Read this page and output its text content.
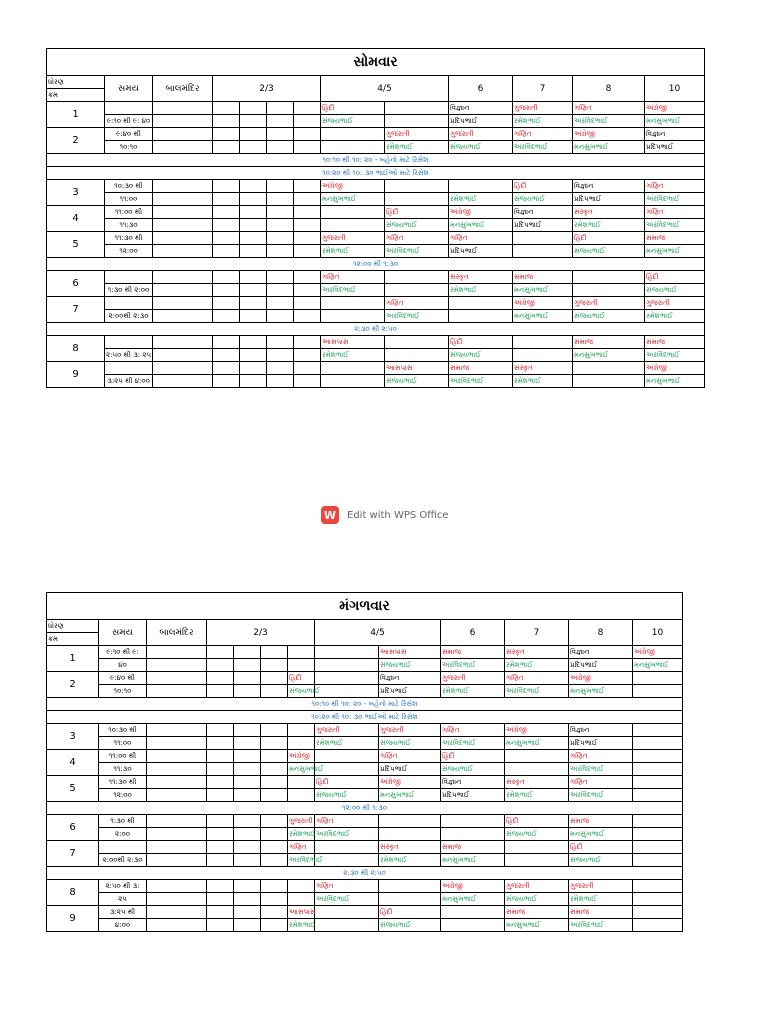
સોમવાર												
ધોરણ	સમય	બાલમંદિર	2/3				4/5		6	7	8	10
ક્રમ												
1							હિંદી		વિજ્ઞાન	ગુજરાતી	ગણિત	અંગ્રેજી
	૯:૧૦ થી ૯: ૪૦						સંજયભાઈ		પ્રદિપભાઈ	રમેશભાઈ	અરવિંદભાઈ	મનસુખભાઈ
2	૯:૪૦ થી							ગુજરાતી	ગુજરાતી	ગણિત	અંગ્રેજી	વિજ્ઞાન
	૧૦:૧૦							રમેશભાઈ	સંજયભાઈ	અરવિંદભાઈ	મનસુખભાઈ	પ્રદિપભાઈ
૧૦:૧૦ થી ૧૦: ૨૦ - બહેનો માટે રિસેશ												
૧૦:૨૦ થી ૧૦: ૩૦ ભાઈઓ માટે રિસેશ												
3	૧૦:૩૦ થી						અંગ્રેજી			હિંદી	વિજ્ઞાન	ગણિત
	૧૧:૦૦						મનસુખભાઈ		રમેશભાઈ	સંજયભાઈ	પ્રદિપભાઈ	અરવિંદભાઈ
4	૧૧:૦૦ થી							હિંદી	અંગ્રેજી	વિજ્ઞાન	સંસ્કૃત	ગણિત
	૧૧:૩૦							સંજયભાઈ	મનસુખભાઈ	પ્રદિપભાઈ	રમેશભાઈ	અરવિંદભાઈ
5	૧૧:૩૦ થી						ગુજરાતી	ગણિત	ગણિત		હિંદી	સમાજ
	૧૨:૦૦						રમેશભાઈ	અરવિંદભાઈ	પ્રદિપભાઈ		સંજયભાઈ	મનસુખભાઈ
૧૨:૦૦ થી ૧:૩૦												
6							ગણિત		સંસ્કૃત	સમાજ		હિંદી
	૧:૩૦ થી ૨:૦૦						અરવિંદભાઈ		રમેશભાઈ	મનસુખભાઈ		સંજયભાઈ
7								ગણિત		અંગ્રેજી	ગુજરાતી	ગુજરાતી
	૨:૦૦થી ૨:૩૦							અરવિંદભાઈ		મનસુખભાઈ	સંજયભાઈ	રમેશભાઈ
૨:૩૦ થી ૨:૫૦												
8							આસપાસ		હિંદી		સમાજ	સમાજ
	૨:૫૦ થી ૩: ૨૫						રમેશભાઈ		સંજયભાઈ		મનસુખભાઈ	અરવિંદભાઈ
9								આસપાસ	સમાજ	સંસ્કૃત		અંગ્રેજી
	૩:૨૫ થી ૪:૦૦							સંજયભાઈ	અરવિંદભાઈ	રમેશભાઈ		મનસુખભાઈ
મંગળવાર												
ધોરણ	સમય	બાલમંદિર	2/3				4/5		6	7	8	10
ક્રમ												
1	૯:૧૦ થી ૯:							આસપાસ	સમાજ	સંસ્કૃત	વિજ્ઞાન	અંગ્રેજી
	૪૦							સંજયભાઈ	અરવિંદભાઈ	રમેશભાઈ	પ્રદિપભાઈ	મનસુખભાઈ
2	૯:૪૦ થી					હિંદી		વિજ્ઞાન	ગુજરાતી	ગણિત	અંગ્રેજી	
	૧૦:૧૦					સંજયભાઈ		પ્રદિપભાઈ	રમેશભાઈ	અરવિંદભાઈ	મનસુખભાઈ	
૧૦:૧૦ થી ૧૦: ૨૦ - બહેનો માટે રિસેશ												
૧૦:૨૦ થી ૧૦: ૩૦ ભાઈઓ માટે રિસેશ												
3	૧૦:૩૦ થી						ગુજરાતી	ગુજરાતી	ગણિત	અંગ્રેજી	વિજ્ઞાન	
	૧૧:૦૦						રમેશભાઈ	સંજયભાઈ	અરવિંદભાઈ	મનસુખભાઈ	પ્રદિપભાઈ	
4	૧૧:૦૦ થી					અંગ્રેજી		ગણિત	હિંદી		ગણિત	
	૧૧:૩૦					મનસુખભાઈ		પ્રદિપભાઈ	સંજયભાઈ		અરવિંદભાઈ	
5	૧૧:૩૦ થી						હિંદી	અંગ્રેજી	વિજ્ઞાન	સંસ્કૃત	ગણિત	
	૧૨:૦૦						સંજયભાઈ	મનસુખભાઈ	પ્રદિપભાઈ	રમેશભાઈ	અરવિંદભાઈ	
૧૨:૦૦ થી ૧:૩૦												
6	૧:૩૦ થી					ગુજરાતી	ગણિત			હિંદી	સમાજ	
	૨:૦૦					રમેશભાઈ	અરવિંદભાઈ			સંજયભાઈ	મનસુખભાઈ	
7						ગણિત		સંસ્કૃત	સમાજ		હિંદી	
	૨:૦૦થી ૨:૩૦					અરવિંદભાઈ		રમેશભાઈ	મનસુખભાઈ		સંજયભાઈ	
૨:૩૦ થી ૨:૫૦												
8	૨:૫૦ થી ૩:						ગણિત		અંગ્રેજી	ગુજરાતી	ગુજરાતી	
	૨૫						અરવિંદભાઈ		મનસુખભાઈ	સંજયભાઈ	રમેશભાઈ	
9	૩:૨૫ થી					આસપાસ		હિંદી		સમાજ	સમાજ	
	૪:૦૦					રમેશભાઈ		સંજયભાઈ		મનસુખભાઈ	અરવિંદભાઈ	
W Edit with WPS Office
